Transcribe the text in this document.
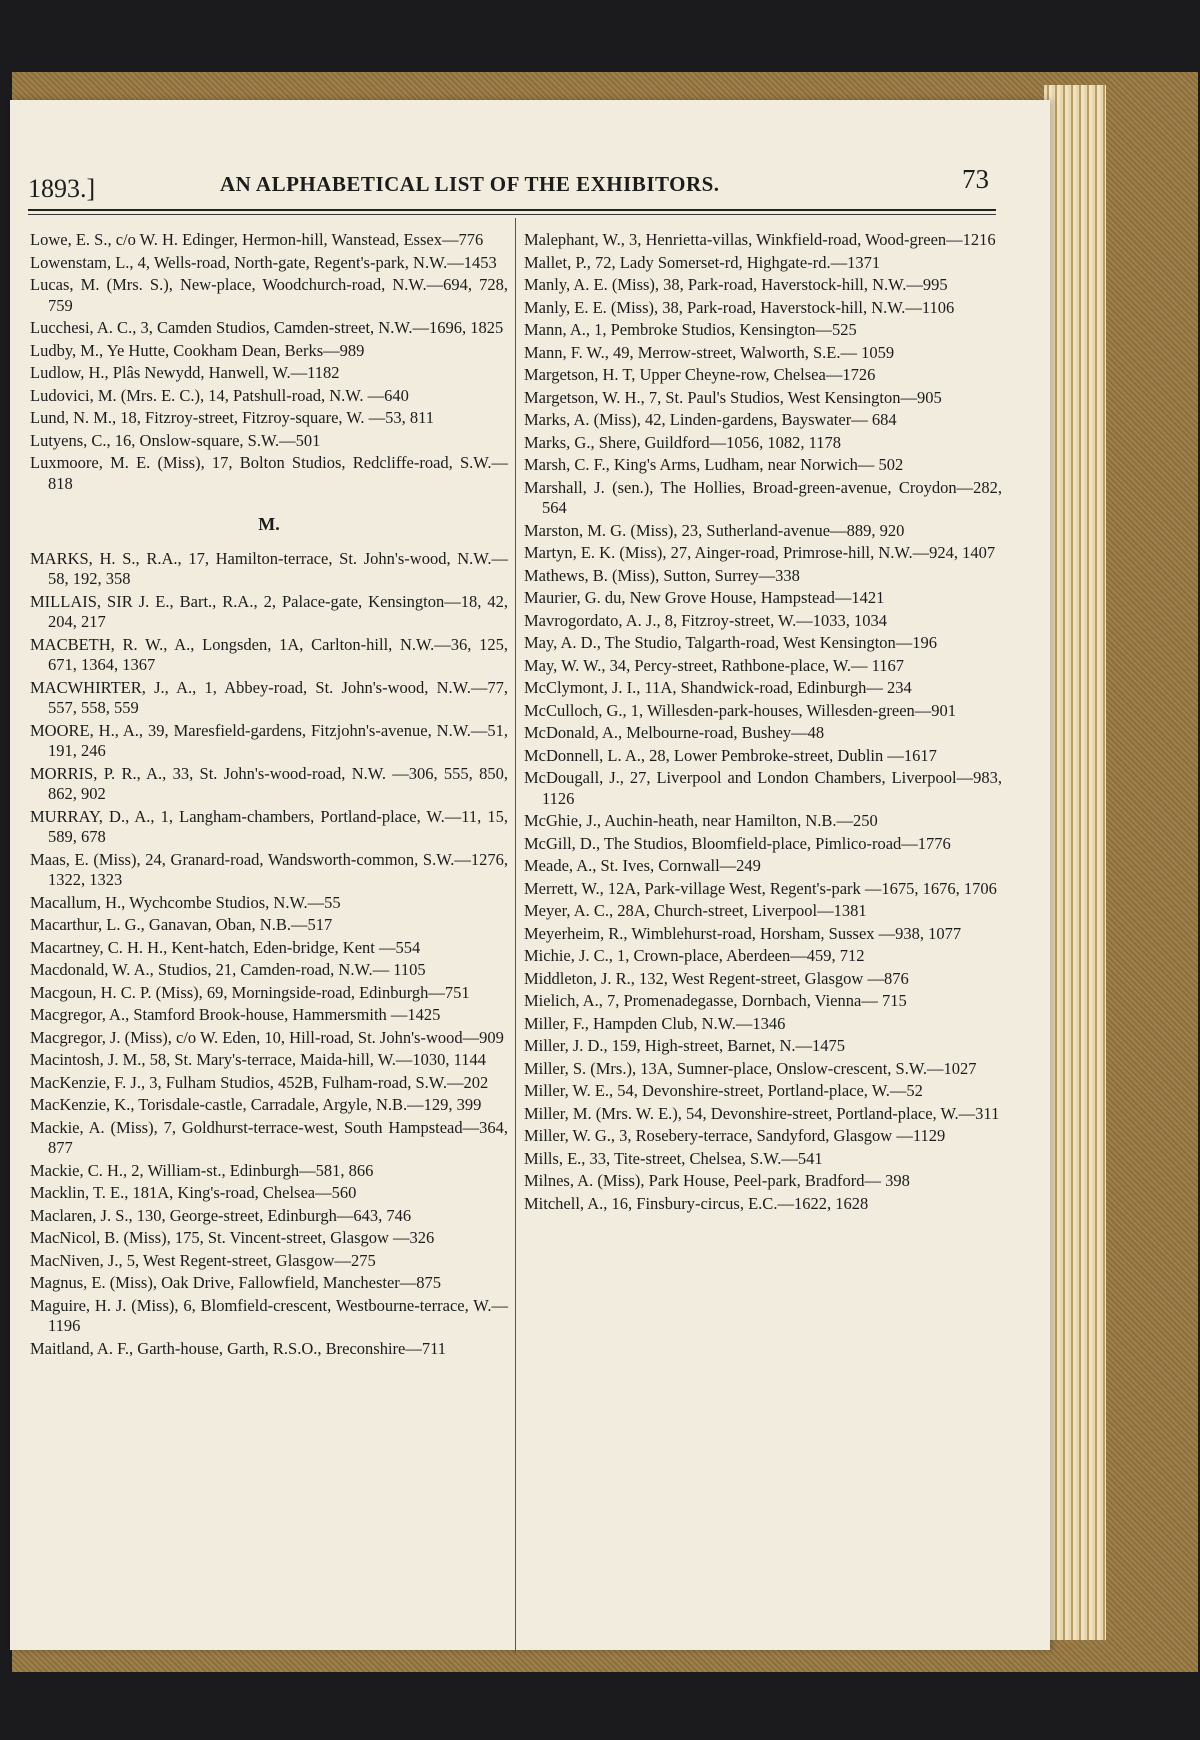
1893.]	AN ALPHABETICAL LIST OF THE EXHIBITORS.	73
Lowe, E. S., c/o W. H. Edinger, Hermon-hill, Wanstead, Essex—776
Lowenstam, L., 4, Wells-road, North-gate, Regent's-park, N.W.—1453
Lucas, M. (Mrs. S.), New-place, Woodchurch-road, N.W.—694, 728, 759
Lucchesi, A. C., 3, Camden Studios, Camden-street, N.W.—1696, 1825
Ludby, M., Ye Hutte, Cookham Dean, Berks—989
Ludlow, H., Plâs Newydd, Hanwell, W.—1182
Ludovici, M. (Mrs. E. C.), 14, Patshull-road, N.W. —640
Lund, N. M., 18, Fitzroy-street, Fitzroy-square, W. —53, 811
Lutyens, C., 16, Onslow-square, S.W.—501
Luxmoore, M. E. (Miss), 17, Bolton Studios, Redcliffe-road, S.W.—818
M.
MARKS, H. S., R.A., 17, Hamilton-terrace, St. John's-wood, N.W.—58, 192, 358
MILLAIS, SIR J. E., Bart., R.A., 2, Palace-gate, Kensington—18, 42, 204, 217
MACBETH, R. W., A., Longsden, 1A, Carlton-hill, N.W.—36, 125, 671, 1364, 1367
MACWHIRTER, J., A., 1, Abbey-road, St. John's-wood, N.W.—77, 557, 558, 559
MOORE, H., A., 39, Maresfield-gardens, Fitzjohn's-avenue, N.W.—51, 191, 246
MORRIS, P. R., A., 33, St. John's-wood-road, N.W. —306, 555, 850, 862, 902
MURRAY, D., A., 1, Langham-chambers, Portland-place, W.—11, 15, 589, 678
Maas, E. (Miss), 24, Granard-road, Wandsworth-common, S.W.—1276, 1322, 1323
Macallum, H., Wychcombe Studios, N.W.—55
Macarthur, L. G., Ganavan, Oban, N.B.—517
Macartney, C. H. H., Kent-hatch, Eden-bridge, Kent —554
Macdonald, W. A., Studios, 21, Camden-road, N.W.— 1105
Macgoun, H. C. P. (Miss), 69, Morningside-road, Edinburgh—751
Macgregor, A., Stamford Brook-house, Hammersmith —1425
Macgregor, J. (Miss), c/o W. Eden, 10, Hill-road, St. John's-wood—909
Macintosh, J. M., 58, St. Mary's-terrace, Maida-hill, W.—1030, 1144
MacKenzie, F. J., 3, Fulham Studios, 452B, Fulham-road, S.W.—202
MacKenzie, K., Torisdale-castle, Carradale, Argyle, N.B.—129, 399
Mackie, A. (Miss), 7, Goldhurst-terrace-west, South Hampstead—364, 877
Mackie, C. H., 2, William-st., Edinburgh—581, 866
Macklin, T. E., 181A, King's-road, Chelsea—560
Maclaren, J. S., 130, George-street, Edinburgh—643, 746
MacNicol, B. (Miss), 175, St. Vincent-street, Glasgow —326
MacNiven, J., 5, West Regent-street, Glasgow—275
Magnus, E. (Miss), Oak Drive, Fallowfield, Manchester—875
Maguire, H. J. (Miss), 6, Blomfield-crescent, Westbourne-terrace, W.—1196
Maitland, A. F., Garth-house, Garth, R.S.O., Breconshire—711
Malephant, W., 3, Henrietta-villas, Winkfield-road, Wood-green—1216
Mallet, P., 72, Lady Somerset-rd, Highgate-rd.—1371
Manly, A. E. (Miss), 38, Park-road, Haverstock-hill, N.W.—995
Manly, E. E. (Miss), 38, Park-road, Haverstock-hill, N.W.—1106
Mann, A., 1, Pembroke Studios, Kensington—525
Mann, F. W., 49, Merrow-street, Walworth, S.E.— 1059
Margetson, H. T, Upper Cheyne-row, Chelsea—1726
Margetson, W. H., 7, St. Paul's Studios, West Kensington—905
Marks, A. (Miss), 42, Linden-gardens, Bayswater— 684
Marks, G., Shere, Guildford—1056, 1082, 1178
Marsh, C. F., King's Arms, Ludham, near Norwich— 502
Marshall, J. (sen.), The Hollies, Broad-green-avenue, Croydon—282, 564
Marston, M. G. (Miss), 23, Sutherland-avenue—889, 920
Martyn, E. K. (Miss), 27, Ainger-road, Primrose-hill, N.W.—924, 1407
Mathews, B. (Miss), Sutton, Surrey—338
Maurier, G. du, New Grove House, Hampstead—1421
Mavrogordato, A. J., 8, Fitzroy-street, W.—1033, 1034
May, A. D., The Studio, Talgarth-road, West Kensington—196
May, W. W., 34, Percy-street, Rathbone-place, W.— 1167
McClymont, J. I., 11A, Shandwick-road, Edinburgh— 234
McCulloch, G., 1, Willesden-park-houses, Willesden-green—901
McDonald, A., Melbourne-road, Bushey—48
McDonnell, L. A., 28, Lower Pembroke-street, Dublin —1617
McDougall, J., 27, Liverpool and London Chambers, Liverpool—983, 1126
McGhie, J., Auchin-heath, near Hamilton, N.B.—250
McGill, D., The Studios, Bloomfield-place, Pimlico-road—1776
Meade, A., St. Ives, Cornwall—249
Merrett, W., 12A, Park-village West, Regent's-park —1675, 1676, 1706
Meyer, A. C., 28A, Church-street, Liverpool—1381
Meyerheim, R., Wimblehurst-road, Horsham, Sussex —938, 1077
Michie, J. C., 1, Crown-place, Aberdeen—459, 712
Middleton, J. R., 132, West Regent-street, Glasgow —876
Mielich, A., 7, Promenadegasse, Dornbach, Vienna— 715
Miller, F., Hampden Club, N.W.—1346
Miller, J. D., 159, High-street, Barnet, N.—1475
Miller, S. (Mrs.), 13A, Sumner-place, Onslow-crescent, S.W.—1027
Miller, W. E., 54, Devonshire-street, Portland-place, W.—52
Miller, M. (Mrs. W. E.), 54, Devonshire-street, Portland-place, W.—311
Miller, W. G., 3, Rosebery-terrace, Sandyford, Glasgow —1129
Mills, E., 33, Tite-street, Chelsea, S.W.—541
Milnes, A. (Miss), Park House, Peel-park, Bradford— 398
Mitchell, A., 16, Finsbury-circus, E.C.—1622, 1628
